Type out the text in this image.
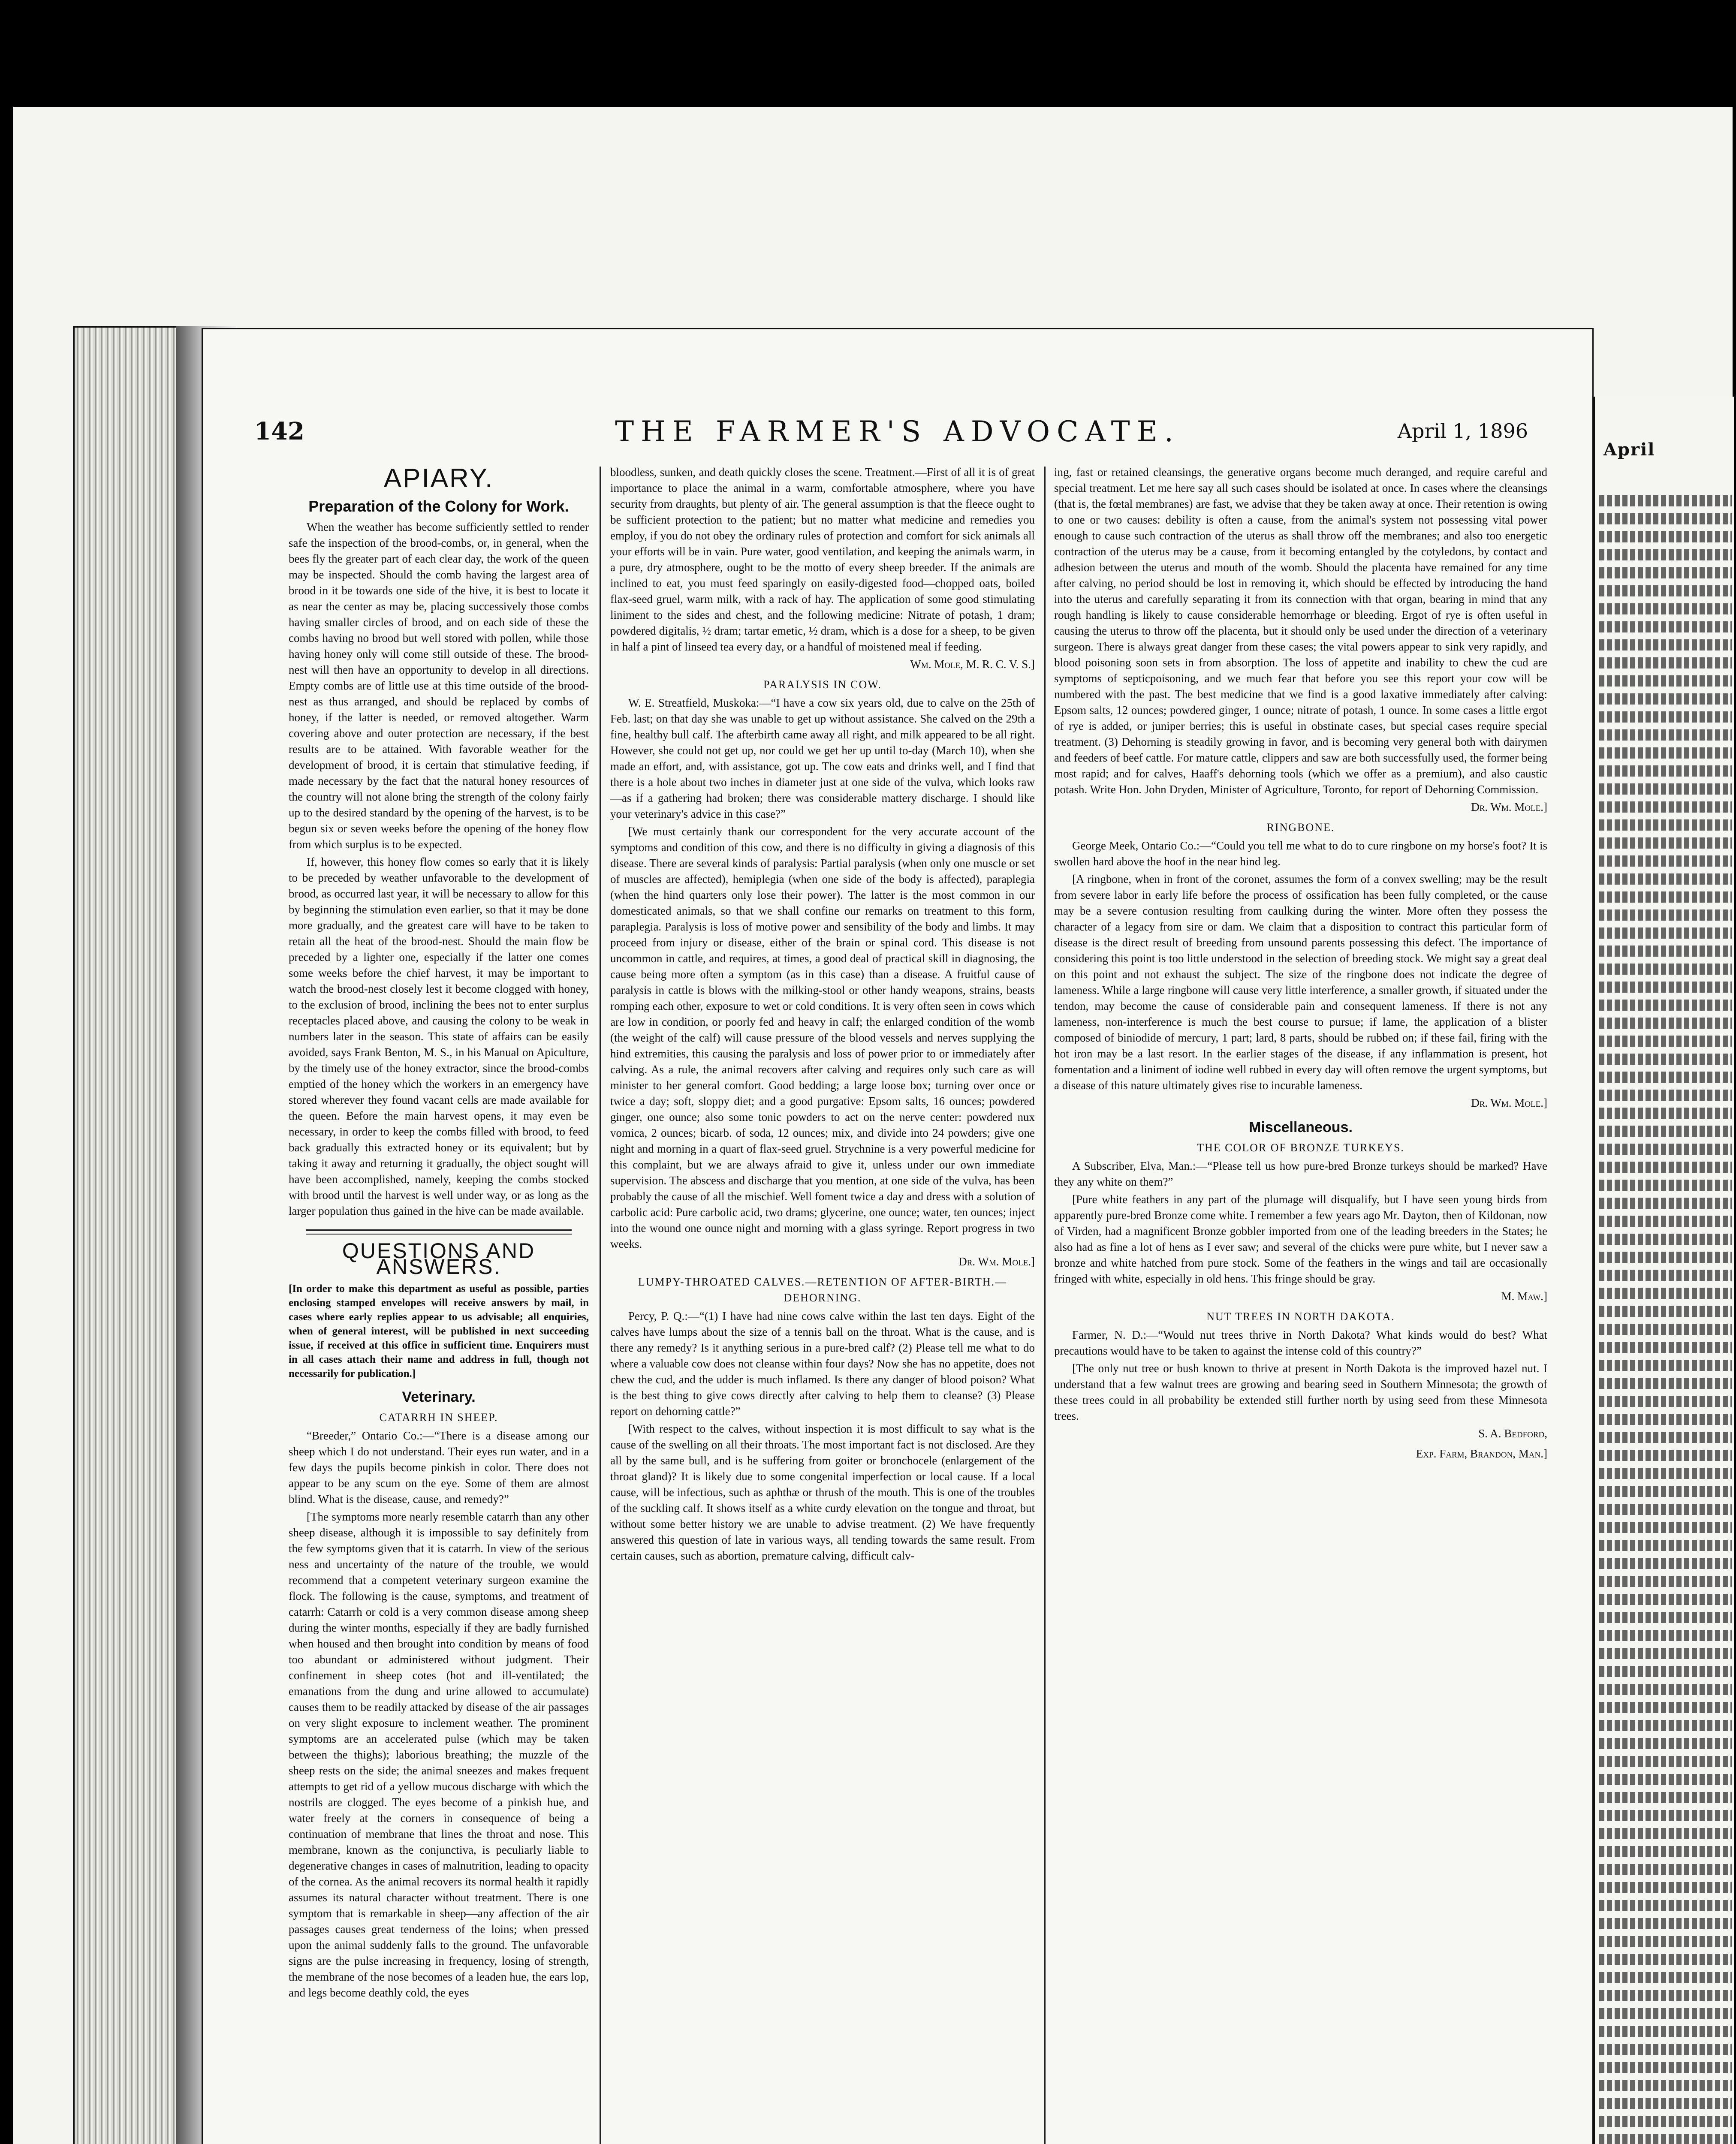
April
142	THE FARMER'S ADVOCATE.	April 1, 1896
APIARY.
Preparation of the Colony for Work.

When the weather has become sufficiently settled to render safe the inspection of the brood-combs, or, in general, when the bees fly the greater part of each clear day, the work of the queen may be inspected. Should the comb having the largest area of brood in it be towards one side of the hive, it is best to locate it as near the center as may be, placing successively those combs having smaller circles of brood, and on each side of these the combs having no brood but well stored with pollen, while those having honey only will come still outside of these. The brood-nest will then have an opportunity to develop in all directions. Empty combs are of little use at this time outside of the brood-nest as thus arranged, and should be replaced by combs of honey, if the latter is needed, or removed altogether. Warm covering above and outer protection are necessary, if the best results are to be attained. With favorable weather for the development of brood, it is certain that stimulative feeding, if made necessary by the fact that the natural honey resources of the country will not alone bring the strength of the colony fairly up to the desired standard by the opening of the harvest, is to be begun six or seven weeks before the opening of the honey flow from which surplus is to be expected.

If, however, this honey flow comes so early that it is likely to be preceded by weather unfavorable to the development of brood, as occurred last year, it will be necessary to allow for this by beginning the stimulation even earlier, so that it may be done more gradually, and the greatest care will have to be taken to retain all the heat of the brood-nest. Should the main flow be preceded by a lighter one, especially if the latter one comes some weeks before the chief harvest, it may be important to watch the brood-nest closely lest it become clogged with honey, to the exclusion of brood, inclining the bees not to enter surplus receptacles placed above, and causing the colony to be weak in numbers later in the season. This state of affairs can be easily avoided, says Frank Benton, M. S., in his Manual on Apiculture, by the timely use of the honey extractor, since the brood-combs emptied of the honey which the workers in an emergency have stored wherever they found vacant cells are made available for the queen. Before the main harvest opens, it may even be necessary, in order to keep the combs filled with brood, to feed back gradually this extracted honey or its equivalent; but by taking it away and returning it gradually, the object sought will have been accomplished, namely, keeping the combs stocked with brood until the harvest is well under way, or as long as the larger population thus gained in the hive can be made available.

QUESTIONS AND ANSWERS.
[In order to make this department as useful as possible, parties enclosing stamped envelopes will receive answers by mail, in cases where early replies appear to us advisable; all enquiries, when of general interest, will be published in next succeeding issue, if received at this office in sufficient time. Enquirers must in all cases attach their name and address in full, though not necessarily for publication.]
Veterinary.
CATARRH IN SHEEP.

“Breeder,” Ontario Co.:—“There is a disease among our sheep which I do not understand. Their eyes run water, and in a few days the pupils become pinkish in color. There does not appear to be any scum on the eye. Some of them are almost blind. What is the disease, cause, and remedy?”

[The symptoms more nearly resemble catarrh than any other sheep disease, although it is impossible to say definitely from the few symptoms given that it is catarrh. In view of the serious ness and uncertainty of the nature of the trouble, we would recommend that a competent veterinary surgeon examine the flock. The following is the cause, symptoms, and treatment of catarrh: Catarrh or cold is a very common disease among sheep during the winter months, especially if they are badly furnished when housed and then brought into condition by means of food too abundant or administered without judgment. Their confinement in sheep cotes (hot and ill-ventilated; the emanations from the dung and urine allowed to accumulate) causes them to be readily attacked by disease of the air passages on very slight exposure to inclement weather. The prominent symptoms are an accelerated pulse (which may be taken between the thighs); laborious breathing; the muzzle of the sheep rests on the side; the animal sneezes and makes frequent attempts to get rid of a yellow mucous discharge with which the nostrils are clogged. The eyes become of a pinkish hue, and water freely at the corners in consequence of being a continuation of membrane that lines the throat and nose. This membrane, known as the conjunctiva, is peculiarly liable to degenerative changes in cases of malnutrition, leading to opacity of the cornea. As the animal recovers its normal health it rapidly assumes its natural character without treatment. There is one symptom that is remarkable in sheep—any affection of the air passages causes great tenderness of the loins; when pressed upon the animal suddenly falls to the ground. The unfavorable signs are the pulse increasing in frequency, losing of strength, the membrane of the nose becomes of a leaden hue, the ears lop, and legs become deathly cold, the eyes

bloodless, sunken, and death quickly closes the scene. Treatment.—First of all it is of great importance to place the animal in a warm, comfortable atmosphere, where you have security from draughts, but plenty of air. The general assumption is that the fleece ought to be sufficient protection to the patient; but no matter what medicine and remedies you employ, if you do not obey the ordinary rules of protection and comfort for sick animals all your efforts will be in vain. Pure water, good ventilation, and keeping the animals warm, in a pure, dry atmosphere, ought to be the motto of every sheep breeder. If the animals are inclined to eat, you must feed sparingly on easily-digested food—chopped oats, boiled flax-seed gruel, warm milk, with a rack of hay. The application of some good stimulating liniment to the sides and chest, and the following medicine: Nitrate of potash, 1 dram; powdered digitalis, ½ dram; tartar emetic, ½ dram, which is a dose for a sheep, to be given in half a pint of linseed tea every day, or a handful of moistened meal if feeding.

Wm. Mole, M. R. C. V. S.]
PARALYSIS IN COW.

W. E. Streatfield, Muskoka:—“I have a cow six years old, due to calve on the 25th of Feb. last; on that day she was unable to get up without assistance. She calved on the 29th a fine, healthy bull calf. The afterbirth came away all right, and milk appeared to be all right. However, she could not get up, nor could we get her up until to-day (March 10), when she made an effort, and, with assistance, got up. The cow eats and drinks well, and I find that there is a hole about two inches in diameter just at one side of the vulva, which looks raw—as if a gathering had broken; there was considerable mattery discharge. I should like your veterinary's advice in this case?”

[We must certainly thank our correspondent for the very accurate account of the symptoms and condition of this cow, and there is no difficulty in giving a diagnosis of this disease. There are several kinds of paralysis: Partial paralysis (when only one muscle or set of muscles are affected), hemiplegia (when one side of the body is affected), paraplegia (when the hind quarters only lose their power). The latter is the most common in our domesticated animals, so that we shall confine our remarks on treatment to this form, paraplegia. Paralysis is loss of motive power and sensibility of the body and limbs. It may proceed from injury or disease, either of the brain or spinal cord. This disease is not uncommon in cattle, and requires, at times, a good deal of practical skill in diagnosing, the cause being more often a symptom (as in this case) than a disease. A fruitful cause of paralysis in cattle is blows with the milking-stool or other handy weapons, strains, beasts romping each other, exposure to wet or cold conditions. It is very often seen in cows which are low in condition, or poorly fed and heavy in calf; the enlarged condition of the womb (the weight of the calf) will cause pressure of the blood vessels and nerves supplying the hind extremities, this causing the paralysis and loss of power prior to or immediately after calving. As a rule, the animal recovers after calving and requires only such care as will minister to her general comfort. Good bedding; a large loose box; turning over once or twice a day; soft, sloppy diet; and a good purgative: Epsom salts, 16 ounces; powdered ginger, one ounce; also some tonic powders to act on the nerve center: powdered nux vomica, 2 ounces; bicarb. of soda, 12 ounces; mix, and divide into 24 powders; give one night and morning in a quart of flax-seed gruel. Strychnine is a very powerful medicine for this complaint, but we are always afraid to give it, unless under our own immediate supervision. The abscess and discharge that you mention, at one side of the vulva, has been probably the cause of all the mischief. Well foment twice a day and dress with a solution of carbolic acid: Pure carbolic acid, two drams; glycerine, one ounce; water, ten ounces; inject into the wound one ounce night and morning with a glass syringe. Report progress in two weeks.

Dr. Wm. Mole.]
LUMPY-THROATED CALVES.—RETENTION OF AFTER-BIRTH.—DEHORNING.

Percy, P. Q.:—“(1) I have had nine cows calve within the last ten days. Eight of the calves have lumps about the size of a tennis ball on the throat. What is the cause, and is there any remedy? Is it anything serious in a pure-bred calf? (2) Please tell me what to do where a valuable cow does not cleanse within four days? Now she has no appetite, does not chew the cud, and the udder is much inflamed. Is there any danger of blood poison? What is the best thing to give cows directly after calving to help them to cleanse? (3) Please report on dehorning cattle?”

[With respect to the calves, without inspection it is most difficult to say what is the cause of the swelling on all their throats. The most important fact is not disclosed. Are they all by the same bull, and is he suffering from goiter or bronchocele (enlargement of the throat gland)? It is likely due to some congenital imperfection or local cause. If a local cause, will be infectious, such as aphthæ or thrush of the mouth. This is one of the troubles of the suckling calf. It shows itself as a white curdy elevation on the tongue and throat, but without some better history we are unable to advise treatment. (2) We have frequently answered this question of late in various ways, all tending towards the same result. From certain causes, such as abortion, premature calving, difficult calv-

ing, fast or retained cleansings, the generative organs become much deranged, and require careful and special treatment. Let me here say all such cases should be isolated at once. In cases where the cleansings (that is, the fœtal membranes) are fast, we advise that they be taken away at once. Their retention is owing to one or two causes: debility is often a cause, from the animal's system not possessing vital power enough to cause such contraction of the uterus as shall throw off the membranes; and also too energetic contraction of the uterus may be a cause, from it becoming entangled by the cotyledons, by contact and adhesion between the uterus and mouth of the womb. Should the placenta have remained for any time after calving, no period should be lost in removing it, which should be effected by introducing the hand into the uterus and carefully separating it from its connection with that organ, bearing in mind that any rough handling is likely to cause considerable hemorrhage or bleeding. Ergot of rye is often useful in causing the uterus to throw off the placenta, but it should only be used under the direction of a veterinary surgeon. There is always great danger from these cases; the vital powers appear to sink very rapidly, and blood poisoning soon sets in from absorption. The loss of appetite and inability to chew the cud are symptoms of septicpoisoning, and we much fear that before you see this report your cow will be numbered with the past. The best medicine that we find is a good laxative immediately after calving: Epsom salts, 12 ounces; powdered ginger, 1 ounce; nitrate of potash, 1 ounce. In some cases a little ergot of rye is added, or juniper berries; this is useful in obstinate cases, but special cases require special treatment. (3) Dehorning is steadily growing in favor, and is becoming very general both with dairymen and feeders of beef cattle. For mature cattle, clippers and saw are both successfully used, the former being most rapid; and for calves, Haaff's dehorning tools (which we offer as a premium), and also caustic potash. Write Hon. John Dryden, Minister of Agriculture, Toronto, for report of Dehorning Commission.

Dr. Wm. Mole.]
RINGBONE.

George Meek, Ontario Co.:—“Could you tell me what to do to cure ringbone on my horse's foot? It is swollen hard above the hoof in the near hind leg.

[A ringbone, when in front of the coronet, assumes the form of a convex swelling; may be the result from severe labor in early life before the process of ossification has been fully completed, or the cause may be a severe contusion resulting from caulking during the winter. More often they possess the character of a legacy from sire or dam. We claim that a disposition to contract this particular form of disease is the direct result of breeding from unsound parents possessing this defect. The importance of considering this point is too little understood in the selection of breeding stock. We might say a great deal on this point and not exhaust the subject. The size of the ringbone does not indicate the degree of lameness. While a large ringbone will cause very little interference, a smaller growth, if situated under the tendon, may become the cause of considerable pain and consequent lameness. If there is not any lameness, non-interference is much the best course to pursue; if lame, the application of a blister composed of biniodide of mercury, 1 part; lard, 8 parts, should be rubbed on; if these fail, firing with the hot iron may be a last resort. In the earlier stages of the disease, if any inflammation is present, hot fomentation and a liniment of iodine well rubbed in every day will often remove the urgent symptoms, but a disease of this nature ultimately gives rise to incurable lameness.

Dr. Wm. Mole.]
Miscellaneous.
THE COLOR OF BRONZE TURKEYS.

A Subscriber, Elva, Man.:—“Please tell us how pure-bred Bronze turkeys should be marked? Have they any white on them?”

[Pure white feathers in any part of the plumage will disqualify, but I have seen young birds from apparently pure-bred Bronze come white. I remember a few years ago Mr. Dayton, then of Kildonan, now of Virden, had a magnificent Bronze gobbler imported from one of the leading breeders in the States; he also had as fine a lot of hens as I ever saw; and several of the chicks were pure white, but I never saw a bronze and white hatched from pure stock. Some of the feathers in the wings and tail are occasionally fringed with white, especially in old hens. This fringe should be gray.

M. Maw.]
NUT TREES IN NORTH DAKOTA.

Farmer, N. D.:—“Would nut trees thrive in North Dakota? What kinds would do best? What precautions would have to be taken to against the intense cold of this country?”

[The only nut tree or bush known to thrive at present in North Dakota is the improved hazel nut. I understand that a few walnut trees are growing and bearing seed in Southern Minnesota; the growth of these trees could in all probability be extended still further north by using seed from these Minnesota trees.

S. A. Bedford,
Exp. Farm, Brandon, Man.]
